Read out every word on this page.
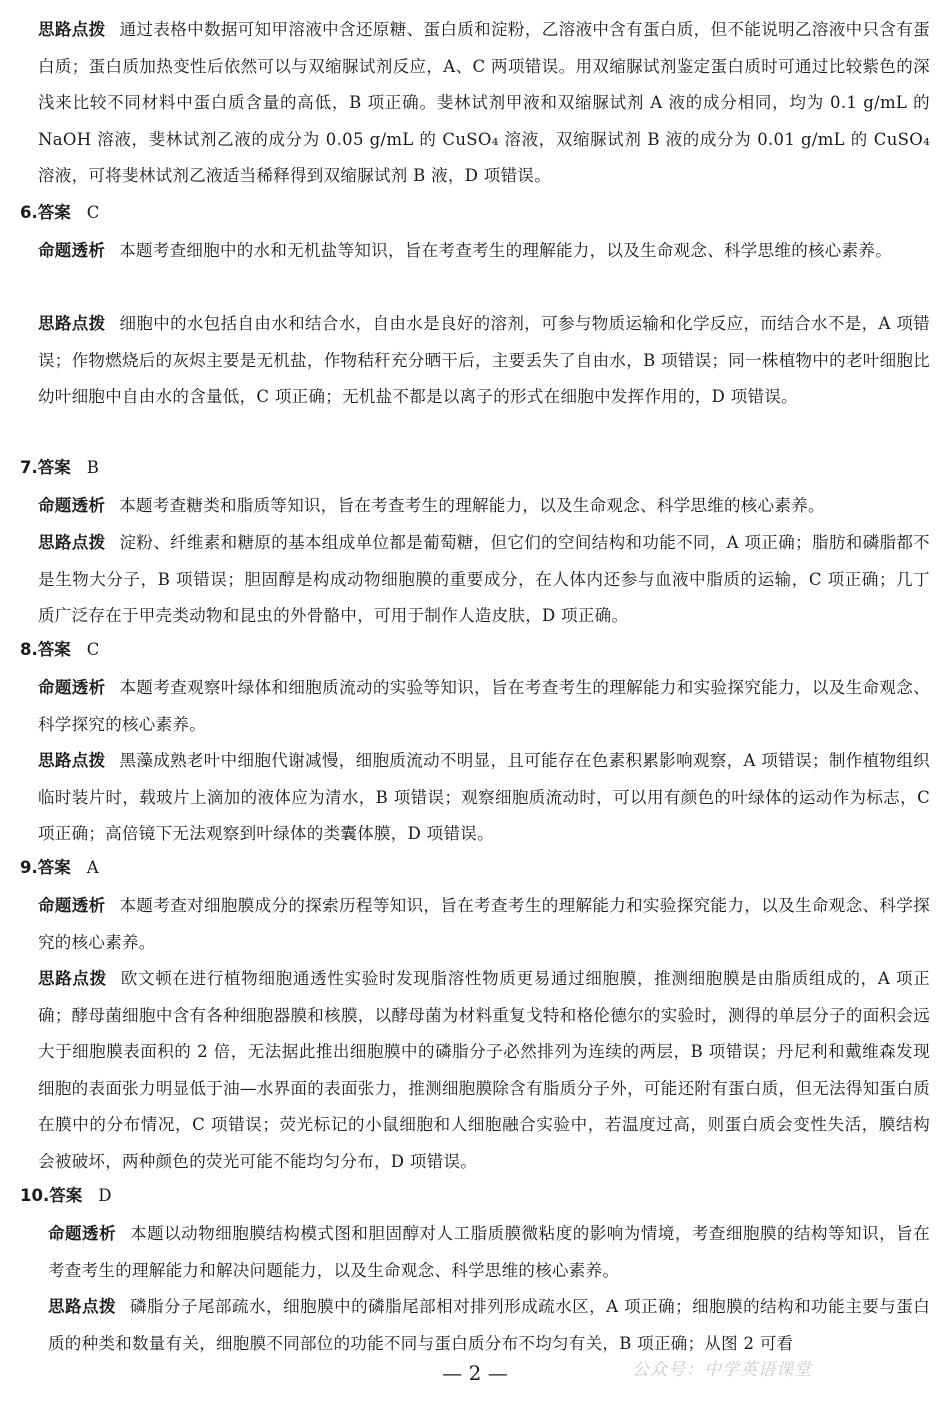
思路点拨 通过表格中数据可知甲溶液中含还原糖、蛋白质和淀粉，乙溶液中含有蛋白质，但不能说明乙溶液中只含有蛋白质；蛋白质加热变性后依然可以与双缩脲试剂反应，A、C 两项错误。用双缩脲试剂鉴定蛋白质时可通过比较紫色的深浅来比较不同材料中蛋白质含量的高低，B 项正确。斐林试剂甲液和双缩脲试剂 A 液的成分相同，均为 0.1 g/mL 的 NaOH 溶液，斐林试剂乙液的成分为 0.05 g/mL 的 CuSO₄ 溶液，双缩脲试剂 B 液的成分为 0.01 g/mL 的 CuSO₄ 溶液，可将斐林试剂乙液适当稀释得到双缩脲试剂 B 液，D 项错误。

6.答案 C

命题透析 本题考查细胞中的水和无机盐等知识，旨在考查考生的理解能力，以及生命观念、科学思维的核心素养。

思路点拨 细胞中的水包括自由水和结合水，自由水是良好的溶剂，可参与物质运输和化学反应，而结合水不是，A 项错误；作物燃烧后的灰烬主要是无机盐，作物秸秆充分晒干后，主要丢失了自由水，B 项错误；同一株植物中的老叶细胞比幼叶细胞中自由水的含量低，C 项正确；无机盐不都是以离子的形式在细胞中发挥作用的，D 项错误。

7.答案 B

命题透析 本题考查糖类和脂质等知识，旨在考查考生的理解能力，以及生命观念、科学思维的核心素养。

思路点拨 淀粉、纤维素和糖原的基本组成单位都是葡萄糖，但它们的空间结构和功能不同，A 项正确；脂肪和磷脂都不是生物大分子，B 项错误；胆固醇是构成动物细胞膜的重要成分，在人体内还参与血液中脂质的运输，C 项正确；几丁质广泛存在于甲壳类动物和昆虫的外骨骼中，可用于制作人造皮肤，D 项正确。

8.答案 C

命题透析 本题考查观察叶绿体和细胞质流动的实验等知识，旨在考查考生的理解能力和实验探究能力，以及生命观念、科学探究的核心素养。

思路点拨 黑藻成熟老叶中细胞代谢减慢，细胞质流动不明显，且可能存在色素积累影响观察，A 项错误；制作植物组织临时装片时，载玻片上滴加的液体应为清水，B 项错误；观察细胞质流动时，可以用有颜色的叶绿体的运动作为标志，C 项正确；高倍镜下无法观察到叶绿体的类囊体膜，D 项错误。

9.答案 A

命题透析 本题考查对细胞膜成分的探索历程等知识，旨在考查考生的理解能力和实验探究能力，以及生命观念、科学探究的核心素养。

思路点拨 欧文顿在进行植物细胞通透性实验时发现脂溶性物质更易通过细胞膜，推测细胞膜是由脂质组成的，A 项正确；酵母菌细胞中含有各种细胞器膜和核膜，以酵母菌为材料重复戈特和格伦德尔的实验时，测得的单层分子的面积会远大于细胞膜表面积的 2 倍，无法据此推出细胞膜中的磷脂分子必然排列为连续的两层，B 项错误；丹尼利和戴维森发现细胞的表面张力明显低于油—水界面的表面张力，推测细胞膜除含有脂质分子外，可能还附有蛋白质，但无法得知蛋白质在膜中的分布情况，C 项错误；荧光标记的小鼠细胞和人细胞融合实验中，若温度过高，则蛋白质会变性失活，膜结构会被破坏，两种颜色的荧光可能不能均匀分布，D 项错误。

10.答案 D

命题透析 本题以动物细胞膜结构模式图和胆固醇对人工脂质膜微粘度的影响为情境，考查细胞膜的结构等知识，旨在考查考生的理解能力和解决问题能力，以及生命观念、科学思维的核心素养。

思路点拨 磷脂分子尾部疏水，细胞膜中的磷脂尾部相对排列形成疏水区，A 项正确；细胞膜的结构和功能主要与蛋白质的种类和数量有关，细胞膜不同部位的功能不同与蛋白质分布不均匀有关，B 项正确；从图 2 可看

— 2 —	公众号：中学英语课堂
